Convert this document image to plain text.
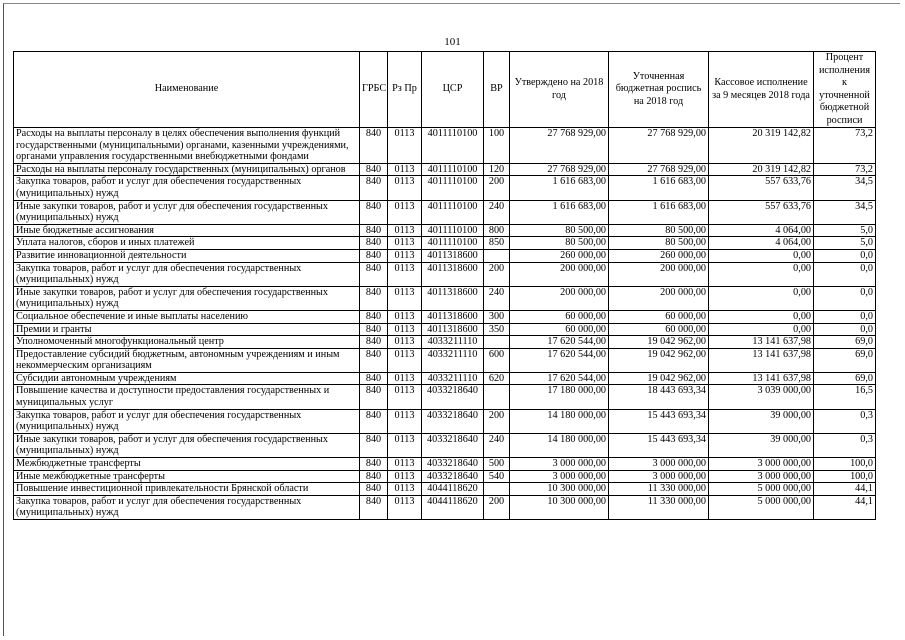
101
Наименование	ГРБС	Рз Пр	ЦСР	ВР	Утверждено на 2018 год	Уточненная бюджетная роспись на 2018 год	Кассовое исполнение за 9 месяцев 2018 года	Процент исполнения к уточненной бюджетной росписи
Расходы на выплаты персоналу в целях обеспечения выполнения функций государственными (муниципальными) органами, казенными учреждениями, органами управления государственными внебюджетными фондами	840	0113	4011110100	100	27 768 929,00	27 768 929,00	20 319 142,82	73,2
Расходы на выплаты персоналу государственных (муниципальных) органов	840	0113	4011110100	120	27 768 929,00	27 768 929,00	20 319 142,82	73,2
Закупка товаров, работ и услуг для обеспечения государственных (муниципальных) нужд	840	0113	4011110100	200	1 616 683,00	1 616 683,00	557 633,76	34,5
Иные закупки товаров, работ и услуг для обеспечения государственных (муниципальных) нужд	840	0113	4011110100	240	1 616 683,00	1 616 683,00	557 633,76	34,5
Иные бюджетные ассигнования	840	0113	4011110100	800	80 500,00	80 500,00	4 064,00	5,0
Уплата налогов, сборов и иных платежей	840	0113	4011110100	850	80 500,00	80 500,00	4 064,00	5,0
Развитие инновационной деятельности	840	0113	4011318600		260 000,00	260 000,00	0,00	0,0
Закупка товаров, работ и услуг для обеспечения государственных (муниципальных) нужд	840	0113	4011318600	200	200 000,00	200 000,00	0,00	0,0
Иные закупки товаров, работ и услуг для обеспечения государственных (муниципальных) нужд	840	0113	4011318600	240	200 000,00	200 000,00	0,00	0,0
Социальное обеспечение и иные выплаты населению	840	0113	4011318600	300	60 000,00	60 000,00	0,00	0,0
Премии и гранты	840	0113	4011318600	350	60 000,00	60 000,00	0,00	0,0
Уполномоченный многофункциональный центр	840	0113	4033211110		17 620 544,00	19 042 962,00	13 141 637,98	69,0
Предоставление субсидий бюджетным, автономным учреждениям и иным некоммерческим организациям	840	0113	4033211110	600	17 620 544,00	19 042 962,00	13 141 637,98	69,0
Субсидии автономным учреждениям	840	0113	4033211110	620	17 620 544,00	19 042 962,00	13 141 637,98	69,0
Повышение качества и доступности предоставления государственных и муниципальных услуг	840	0113	4033218640		17 180 000,00	18 443 693,34	3 039 000,00	16,5
Закупка товаров, работ и услуг для обеспечения государственных (муниципальных) нужд	840	0113	4033218640	200	14 180 000,00	15 443 693,34	39 000,00	0,3
Иные закупки товаров, работ и услуг для обеспечения государственных (муниципальных) нужд	840	0113	4033218640	240	14 180 000,00	15 443 693,34	39 000,00	0,3
Межбюджетные трансферты	840	0113	4033218640	500	3 000 000,00	3 000 000,00	3 000 000,00	100,0
Иные межбюджетные трансферты	840	0113	4033218640	540	3 000 000,00	3 000 000,00	3 000 000,00	100,0
Повышение инвестиционной привлекательности Брянской области	840	0113	4044118620		10 300 000,00	11 330 000,00	5 000 000,00	44,1
Закупка товаров, работ и услуг для обеспечения государственных (муниципальных) нужд	840	0113	4044118620	200	10 300 000,00	11 330 000,00	5 000 000,00	44,1
